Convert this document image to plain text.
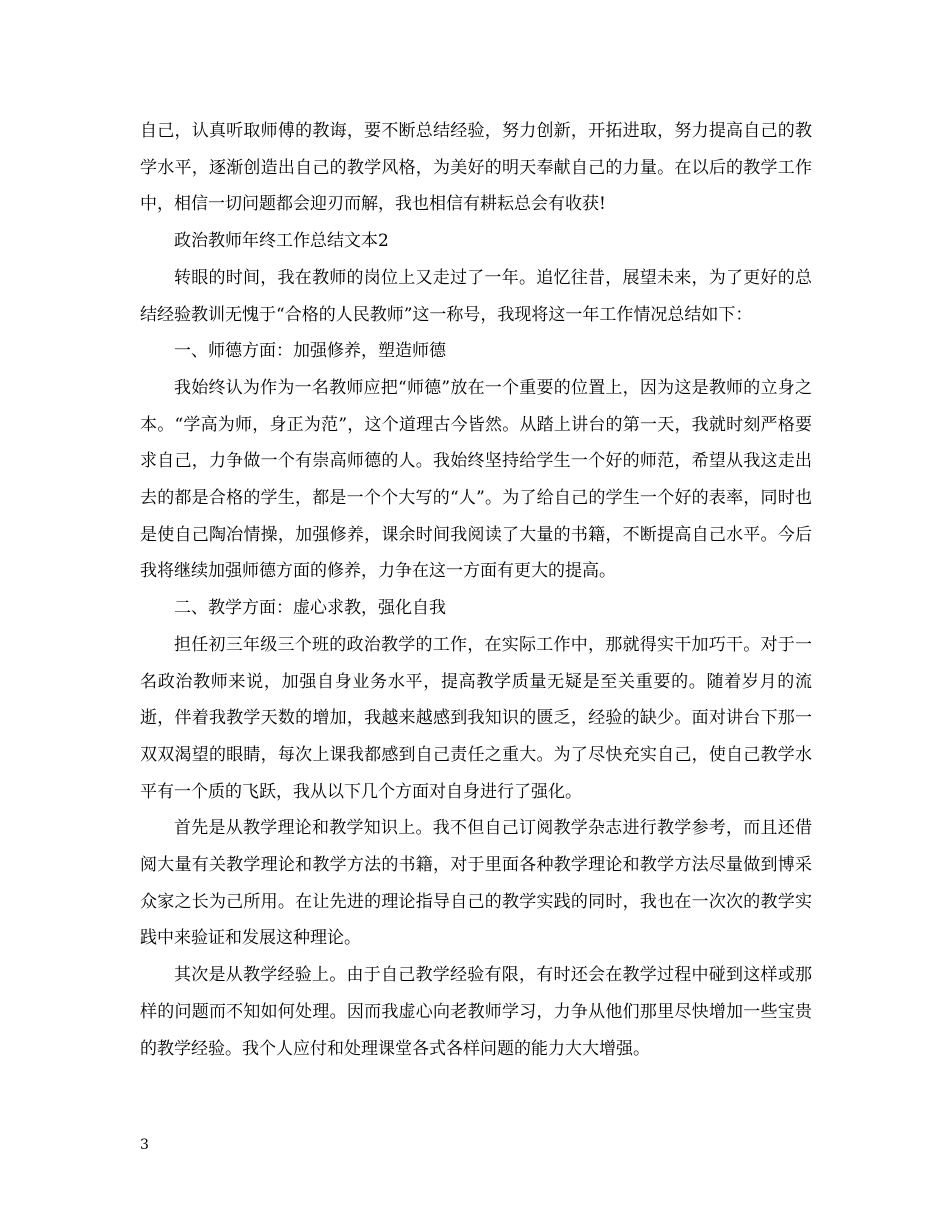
自己，认真听取师傅的教诲，要不断总结经验，努力创新，开拓进取，努力提高自己的教学水平，逐渐创造出自己的教学风格，为美好的明天奉献自己的力量。在以后的教学工作中，相信一切问题都会迎刃而解，我也相信有耕耘总会有收获!

政治教师年终工作总结文本2

转眼的时间，我在教师的岗位上又走过了一年。追忆往昔，展望未来，为了更好的总结经验教训无愧于“合格的人民教师”这一称号，我现将这一年工作情况总结如下：

一、师德方面：加强修养，塑造师德

我始终认为作为一名教师应把“师德”放在一个重要的位置上，因为这是教师的立身之本。“学高为师，身正为范”，这个道理古今皆然。从踏上讲台的第一天，我就时刻严格要求自己，力争做一个有崇高师德的人。我始终坚持给学生一个好的师范，希望从我这走出去的都是合格的学生，都是一个个大写的“人”。为了给自己的学生一个好的表率，同时也是使自己陶冶情操，加强修养，课余时间我阅读了大量的书籍，不断提高自己水平。今后我将继续加强师德方面的修养，力争在这一方面有更大的提高。

二、教学方面：虚心求教，强化自我

担任初三年级三个班的政治教学的工作，在实际工作中，那就得实干加巧干。对于一名政治教师来说，加强自身业务水平，提高教学质量无疑是至关重要的。随着岁月的流逝，伴着我教学天数的增加，我越来越感到我知识的匮乏，经验的缺少。面对讲台下那一双双渴望的眼睛，每次上课我都感到自己责任之重大。为了尽快充实自己，使自己教学水平有一个质的飞跃，我从以下几个方面对自身进行了强化。

首先是从教学理论和教学知识上。我不但自己订阅教学杂志进行教学参考，而且还借阅大量有关教学理论和教学方法的书籍，对于里面各种教学理论和教学方法尽量做到博采众家之长为己所用。在让先进的理论指导自己的教学实践的同时，我也在一次次的教学实践中来验证和发展这种理论。

其次是从教学经验上。由于自己教学经验有限，有时还会在教学过程中碰到这样或那样的问题而不知如何处理。因而我虚心向老教师学习，力争从他们那里尽快增加一些宝贵的教学经验。我个人应付和处理课堂各式各样问题的能力大大增强。

3
